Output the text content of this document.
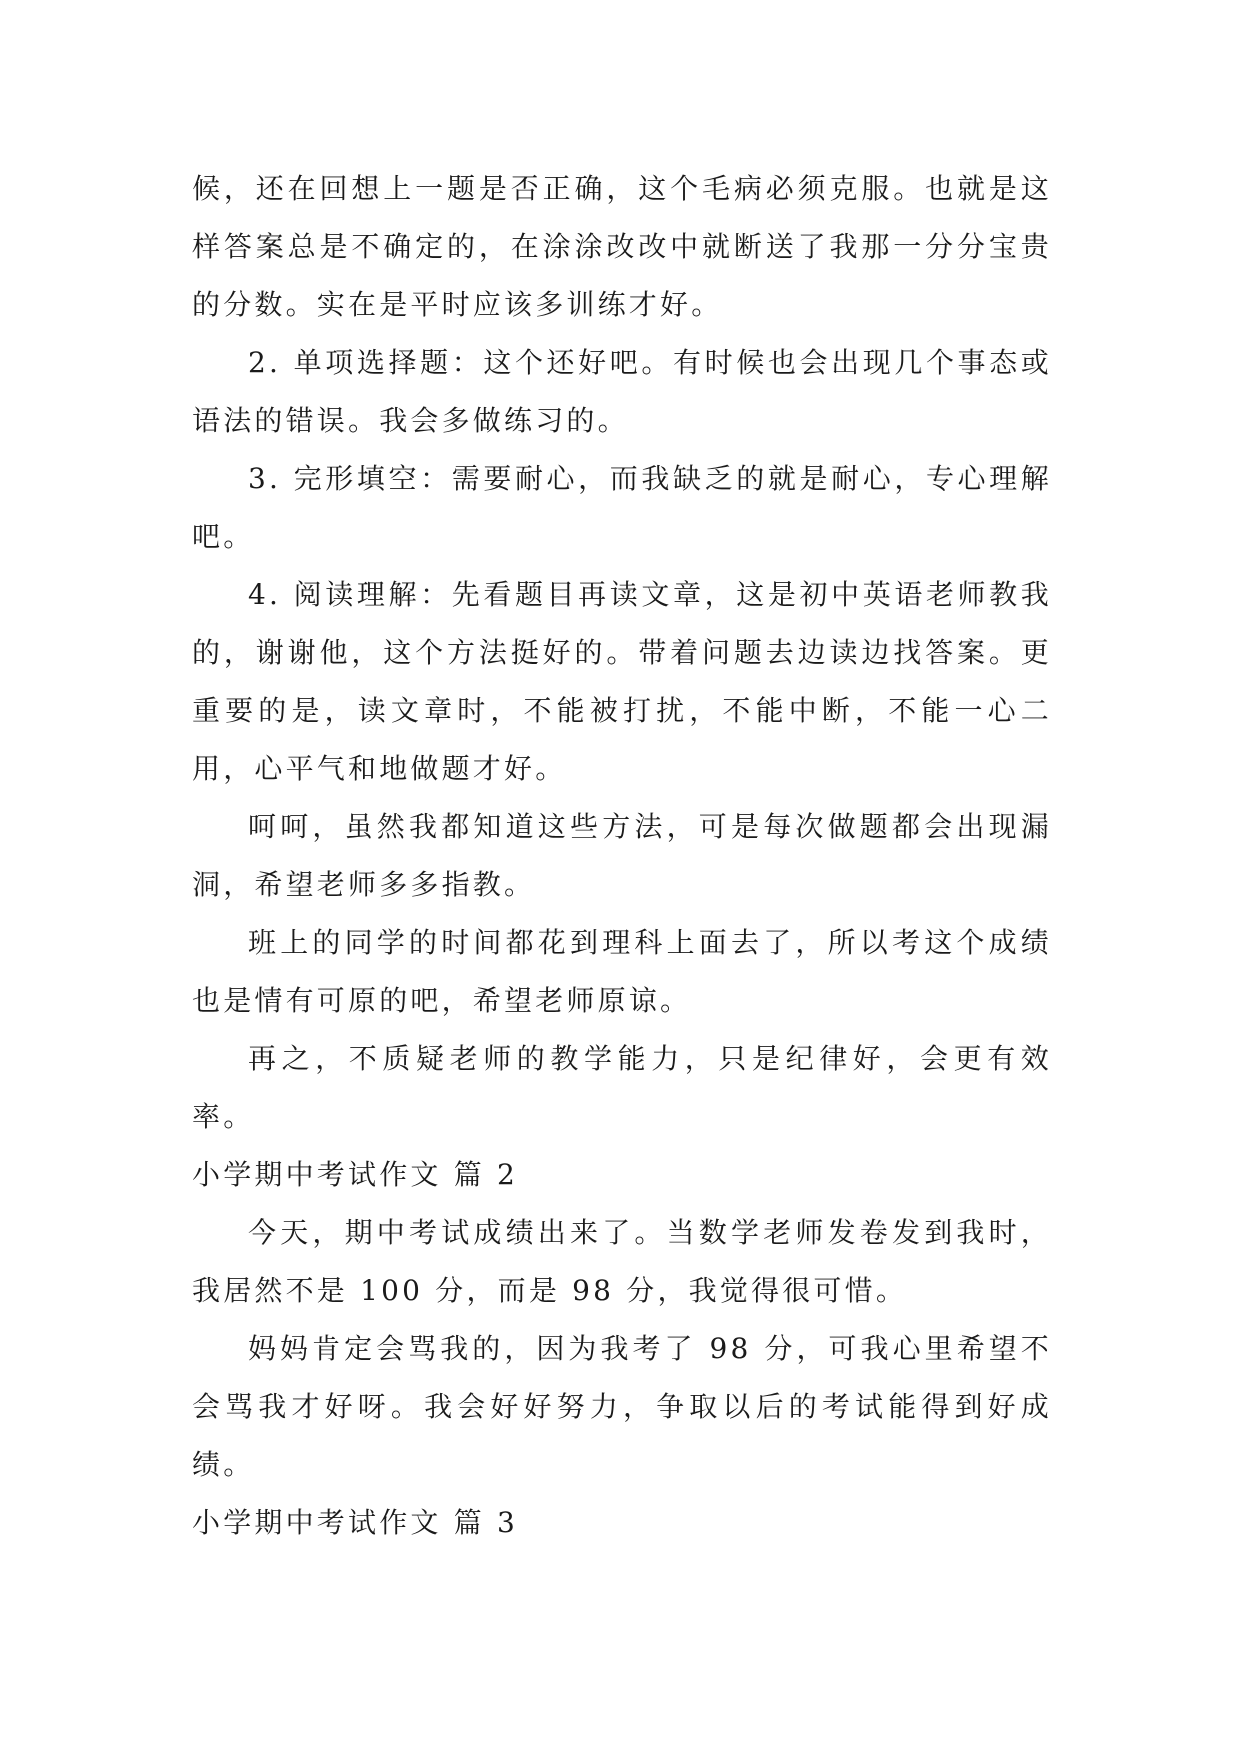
候，还在回想上一题是否正确，这个毛病必须克服。也就是这样答案总是不确定的，在涂涂改改中就断送了我那一分分宝贵的分数。实在是平时应该多训练才好。

2. 单项选择题：这个还好吧。有时候也会出现几个事态或语法的错误。我会多做练习的。

3. 完形填空：需要耐心，而我缺乏的就是耐心，专心理解吧。

4. 阅读理解：先看题目再读文章，这是初中英语老师教我的，谢谢他，这个方法挺好的。带着问题去边读边找答案。更重要的是，读文章时，不能被打扰，不能中断，不能一心二用，心平气和地做题才好。

呵呵，虽然我都知道这些方法，可是每次做题都会出现漏洞，希望老师多多指教。

班上的同学的时间都花到理科上面去了，所以考这个成绩也是情有可原的吧，希望老师原谅。

再之，不质疑老师的教学能力，只是纪律好，会更有效率。

小学期中考试作文 篇 2

今天，期中考试成绩出来了。当数学老师发卷发到我时，我居然不是 100 分，而是 98 分，我觉得很可惜。

妈妈肯定会骂我的，因为我考了 98 分，可我心里希望不会骂我才好呀。我会好好努力，争取以后的考试能得到好成绩。

小学期中考试作文 篇 3
